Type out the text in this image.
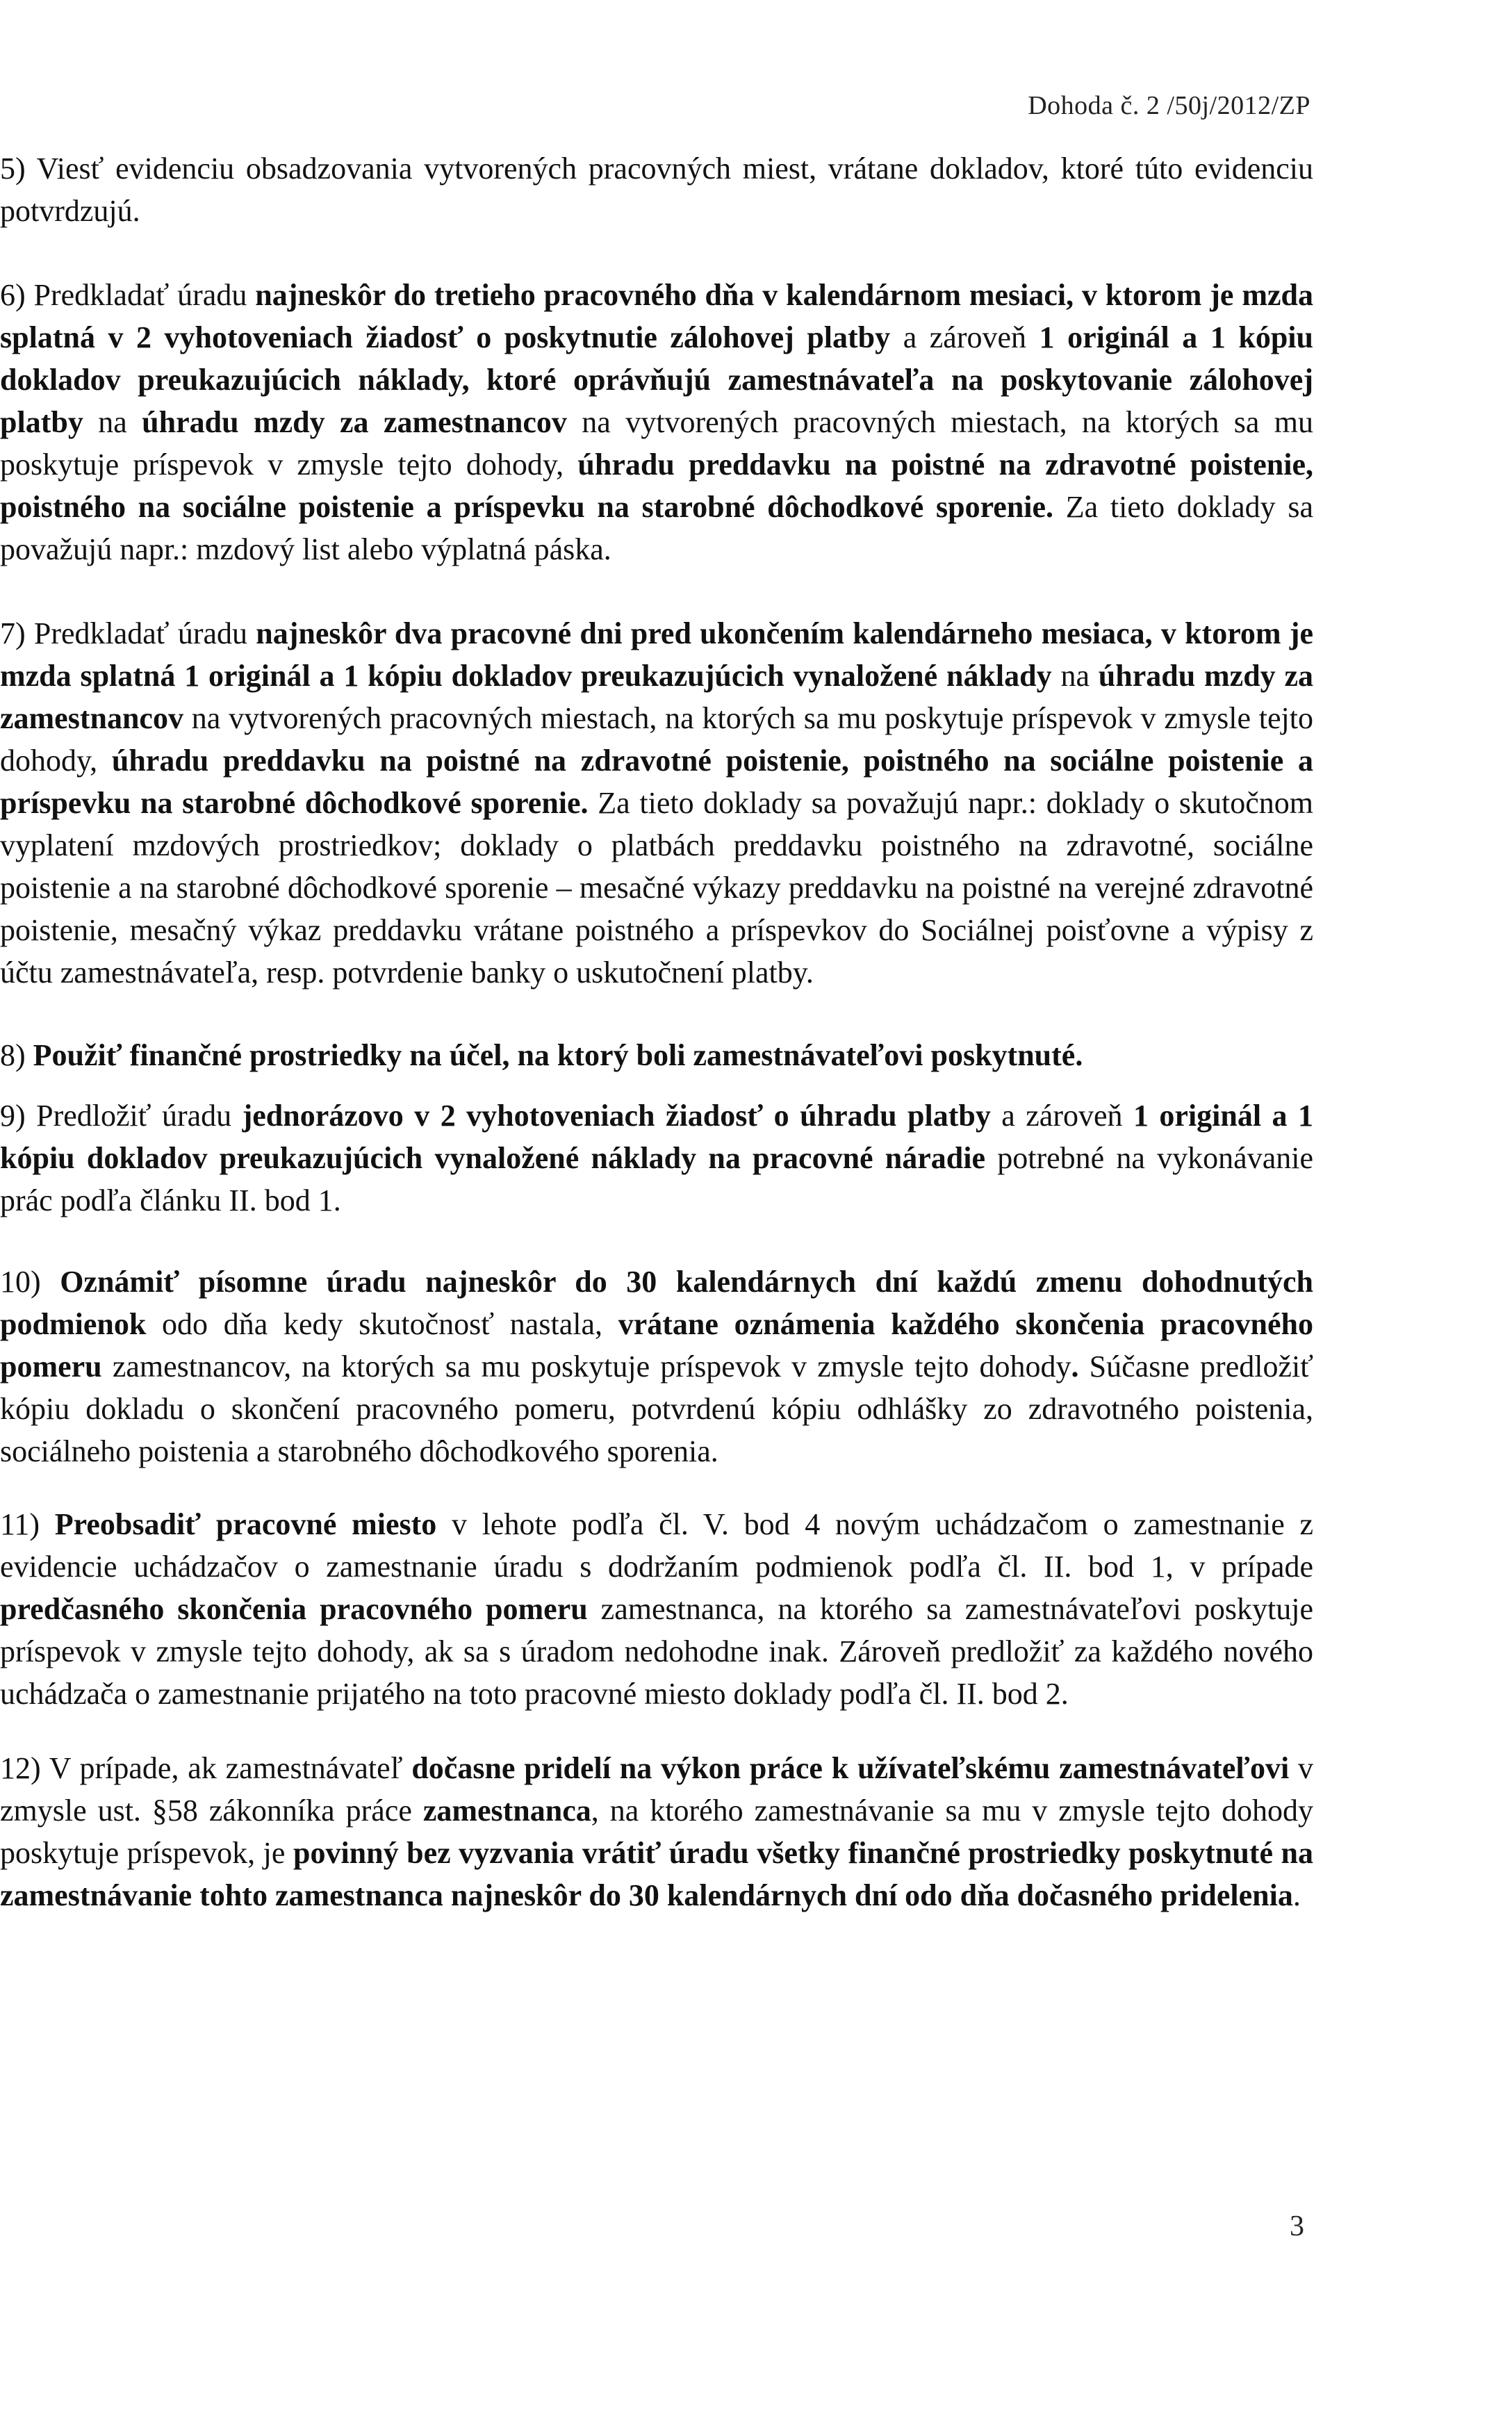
Dohoda č. 2 /50j/2012/ZP

5) Viesť evidenciu obsadzovania vytvorených pracovných miest, vrátane dokladov, ktoré túto evidenciu potvrdzujú.

6) Predkladať úradu najneskôr do tretieho pracovného dňa v kalendárnom mesiaci, v ktorom je mzda splatná v 2 vyhotoveniach žiadosť o poskytnutie zálohovej platby a zároveň 1 originál a 1 kópiu dokladov preukazujúcich náklady, ktoré oprávňujú zamestnávateľa na poskytovanie zálohovej platby na úhradu mzdy za zamestnancov na vytvorených pracovných miestach, na ktorých sa mu poskytuje príspevok v zmysle tejto dohody, úhradu preddavku na poistné na zdravotné poistenie, poistného na sociálne poistenie a príspevku na starobné dôchodkové sporenie. Za tieto doklady sa považujú napr.: mzdový list alebo výplatná páska.

7) Predkladať úradu najneskôr dva pracovné dni pred ukončením kalendárneho mesiaca, v ktorom je mzda splatná 1 originál a 1 kópiu dokladov preukazujúcich vynaložené náklady na úhradu mzdy za zamestnancov na vytvorených pracovných miestach, na ktorých sa mu poskytuje príspevok v zmysle tejto dohody, úhradu preddavku na poistné na zdravotné poistenie, poistného na sociálne poistenie a príspevku na starobné dôchodkové sporenie. Za tieto doklady sa považujú napr.: doklady o skutočnom vyplatení mzdových prostriedkov; doklady o platbách preddavku poistného na zdravotné, sociálne poistenie a na starobné dôchodkové sporenie – mesačné výkazy preddavku na poistné na verejné zdravotné poistenie, mesačný výkaz preddavku vrátane poistného a príspevkov do Sociálnej poisťovne a výpisy z účtu zamestnávateľa, resp. potvrdenie banky o uskutočnení platby.

8) Použiť finančné prostriedky na účel, na ktorý boli zamestnávateľovi poskytnuté.

9) Predložiť úradu jednorázovo v 2 vyhotoveniach žiadosť o úhradu platby a zároveň 1 originál a 1 kópiu dokladov preukazujúcich vynaložené náklady na pracovné náradie potrebné na vykonávanie prác podľa článku II. bod 1.

10) Oznámiť písomne úradu najneskôr do 30 kalendárnych dní každú zmenu dohodnutých podmienok odo dňa kedy skutočnosť nastala, vrátane oznámenia každého skončenia pracovného pomeru zamestnancov, na ktorých sa mu poskytuje príspevok v zmysle tejto dohody. Súčasne predložiť kópiu dokladu o skončení pracovného pomeru, potvrdenú kópiu odhlášky zo zdravotného poistenia, sociálneho poistenia a starobného dôchodkového sporenia.

11) Preobsadiť pracovné miesto v lehote podľa čl. V. bod 4 novým uchádzačom o zamestnanie z evidencie uchádzačov o zamestnanie úradu s dodržaním podmienok podľa čl. II. bod 1, v prípade predčasného skončenia pracovného pomeru zamestnanca, na ktorého sa zamestnávateľovi poskytuje príspevok v zmysle tejto dohody, ak sa s úradom nedohodne inak. Zároveň predložiť za každého nového uchádzača o zamestnanie prijatého na toto pracovné miesto doklady podľa čl. II. bod 2.

12) V prípade, ak zamestnávateľ dočasne pridelí na výkon práce k užívateľskému zamestnávateľovi v zmysle ust. §58 zákonníka práce zamestnanca, na ktorého zamestnávanie sa mu v zmysle tejto dohody poskytuje príspevok, je povinný bez vyzvania vrátiť úradu všetky finančné prostriedky poskytnuté na zamestnávanie tohto zamestnanca najneskôr do 30 kalendárnych dní odo dňa dočasného pridelenia.

3
